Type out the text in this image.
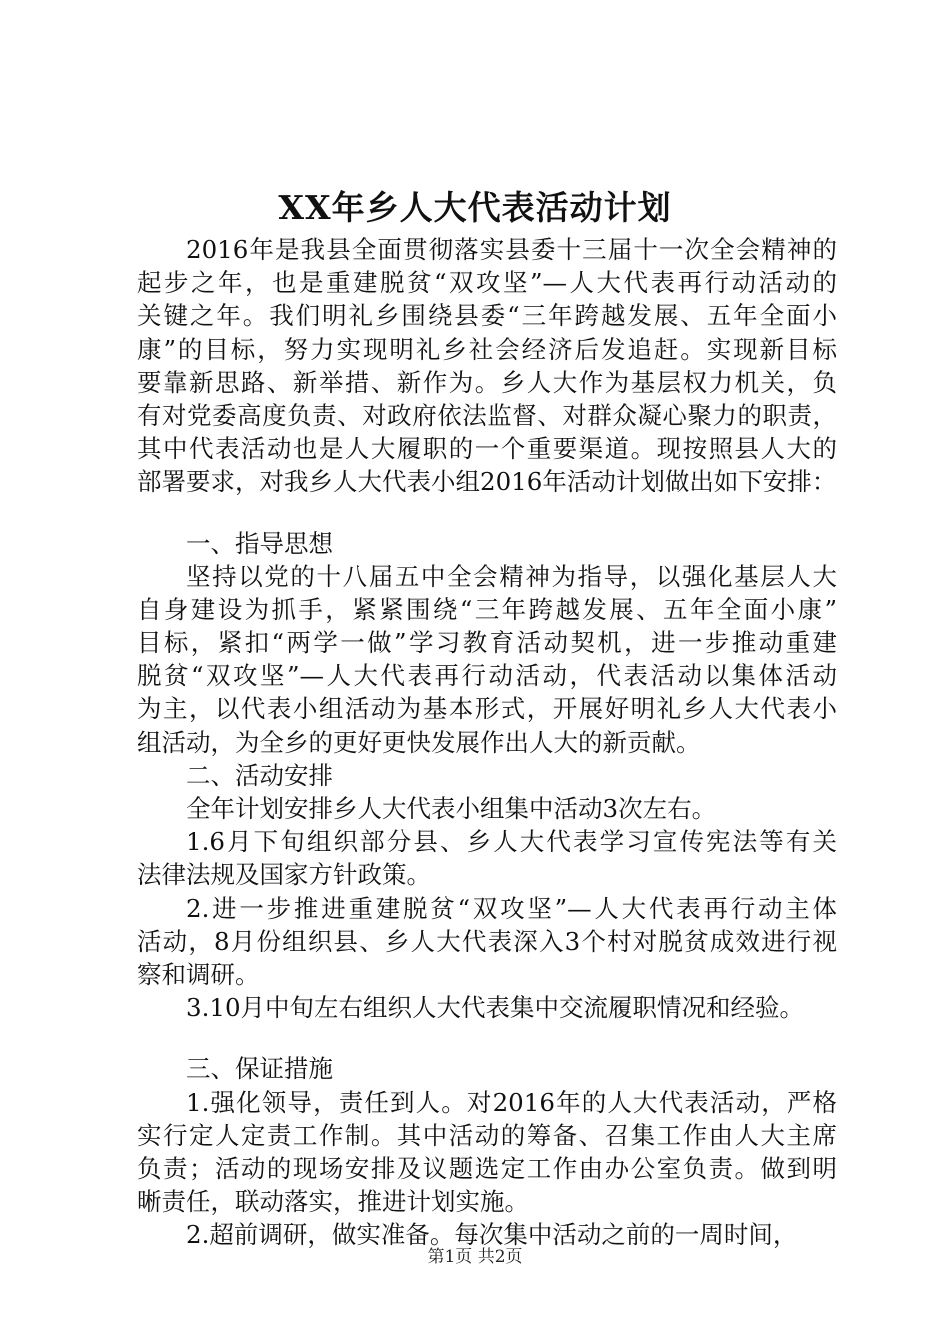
XX年乡人大代表活动计划
2016年是我县全面贯彻落实县委十三届十一次全会精神的
起步之年，也是重建脱贫“双攻坚”—人大代表再行动活动的
关键之年。我们明礼乡围绕县委“三年跨越发展、五年全面小
康”的目标，努力实现明礼乡社会经济后发追赶。实现新目标
要靠新思路、新举措、新作为。乡人大作为基层权力机关，负
有对党委高度负责、对政府依法监督、对群众凝心聚力的职责，
其中代表活动也是人大履职的一个重要渠道。现按照县人大的
部署要求，对我乡人大代表小组2016年活动计划做出如下安排：
一、指导思想
坚持以党的十八届五中全会精神为指导，以强化基层人大
自身建设为抓手，紧紧围绕“三年跨越发展、五年全面小康”
目标，紧扣“两学一做”学习教育活动契机，进一步推动重建
脱贫“双攻坚”—人大代表再行动活动，代表活动以集体活动
为主，以代表小组活动为基本形式，开展好明礼乡人大代表小
组活动，为全乡的更好更快发展作出人大的新贡献。
二、活动安排
全年计划安排乡人大代表小组集中活动3次左右。
1.6月下旬组织部分县、乡人大代表学习宣传宪法等有关
法律法规及国家方针政策。
2.进一步推进重建脱贫“双攻坚”—人大代表再行动主体
活动，8月份组织县、乡人大代表深入3个村对脱贫成效进行视
察和调研。
3.10月中旬左右组织人大代表集中交流履职情况和经验。
三、保证措施
1.强化领导，责任到人。对2016年的人大代表活动，严格
实行定人定责工作制。其中活动的筹备、召集工作由人大主席
负责；活动的现场安排及议题选定工作由办公室负责。做到明
晰责任，联动落实，推进计划实施。
2.超前调研，做实准备。每次集中活动之前的一周时间，
第1页 共2页
